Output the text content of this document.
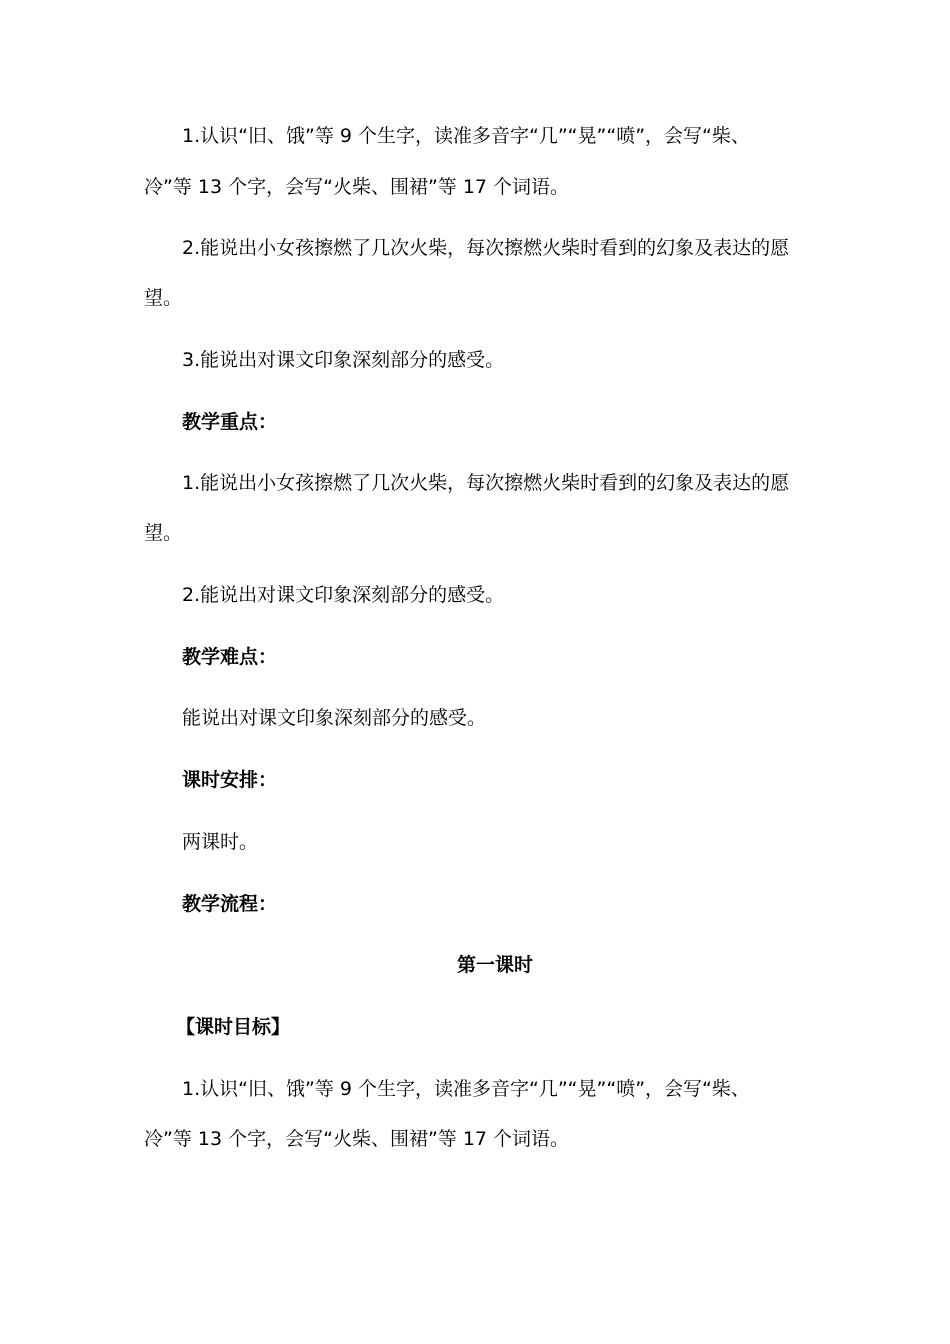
1.认识“旧、饿”等 9 个生字，读准多音字“几”“晃”“喷”，会写“柴、
冷”等 13 个字，会写“火柴、围裙”等 17 个词语。
2.能说出小女孩擦燃了几次火柴，每次擦燃火柴时看到的幻象及表达的愿
望。
3.能说出对课文印象深刻部分的感受。
教学重点：
1.能说出小女孩擦燃了几次火柴，每次擦燃火柴时看到的幻象及表达的愿
望。
2.能说出对课文印象深刻部分的感受。
教学难点：
能说出对课文印象深刻部分的感受。
课时安排：
两课时。
教学流程：
第一课时
【课时目标】
1.认识“旧、饿”等 9 个生字，读准多音字“几”“晃”“喷”，会写“柴、
冷”等 13 个字，会写“火柴、围裙”等 17 个词语。
